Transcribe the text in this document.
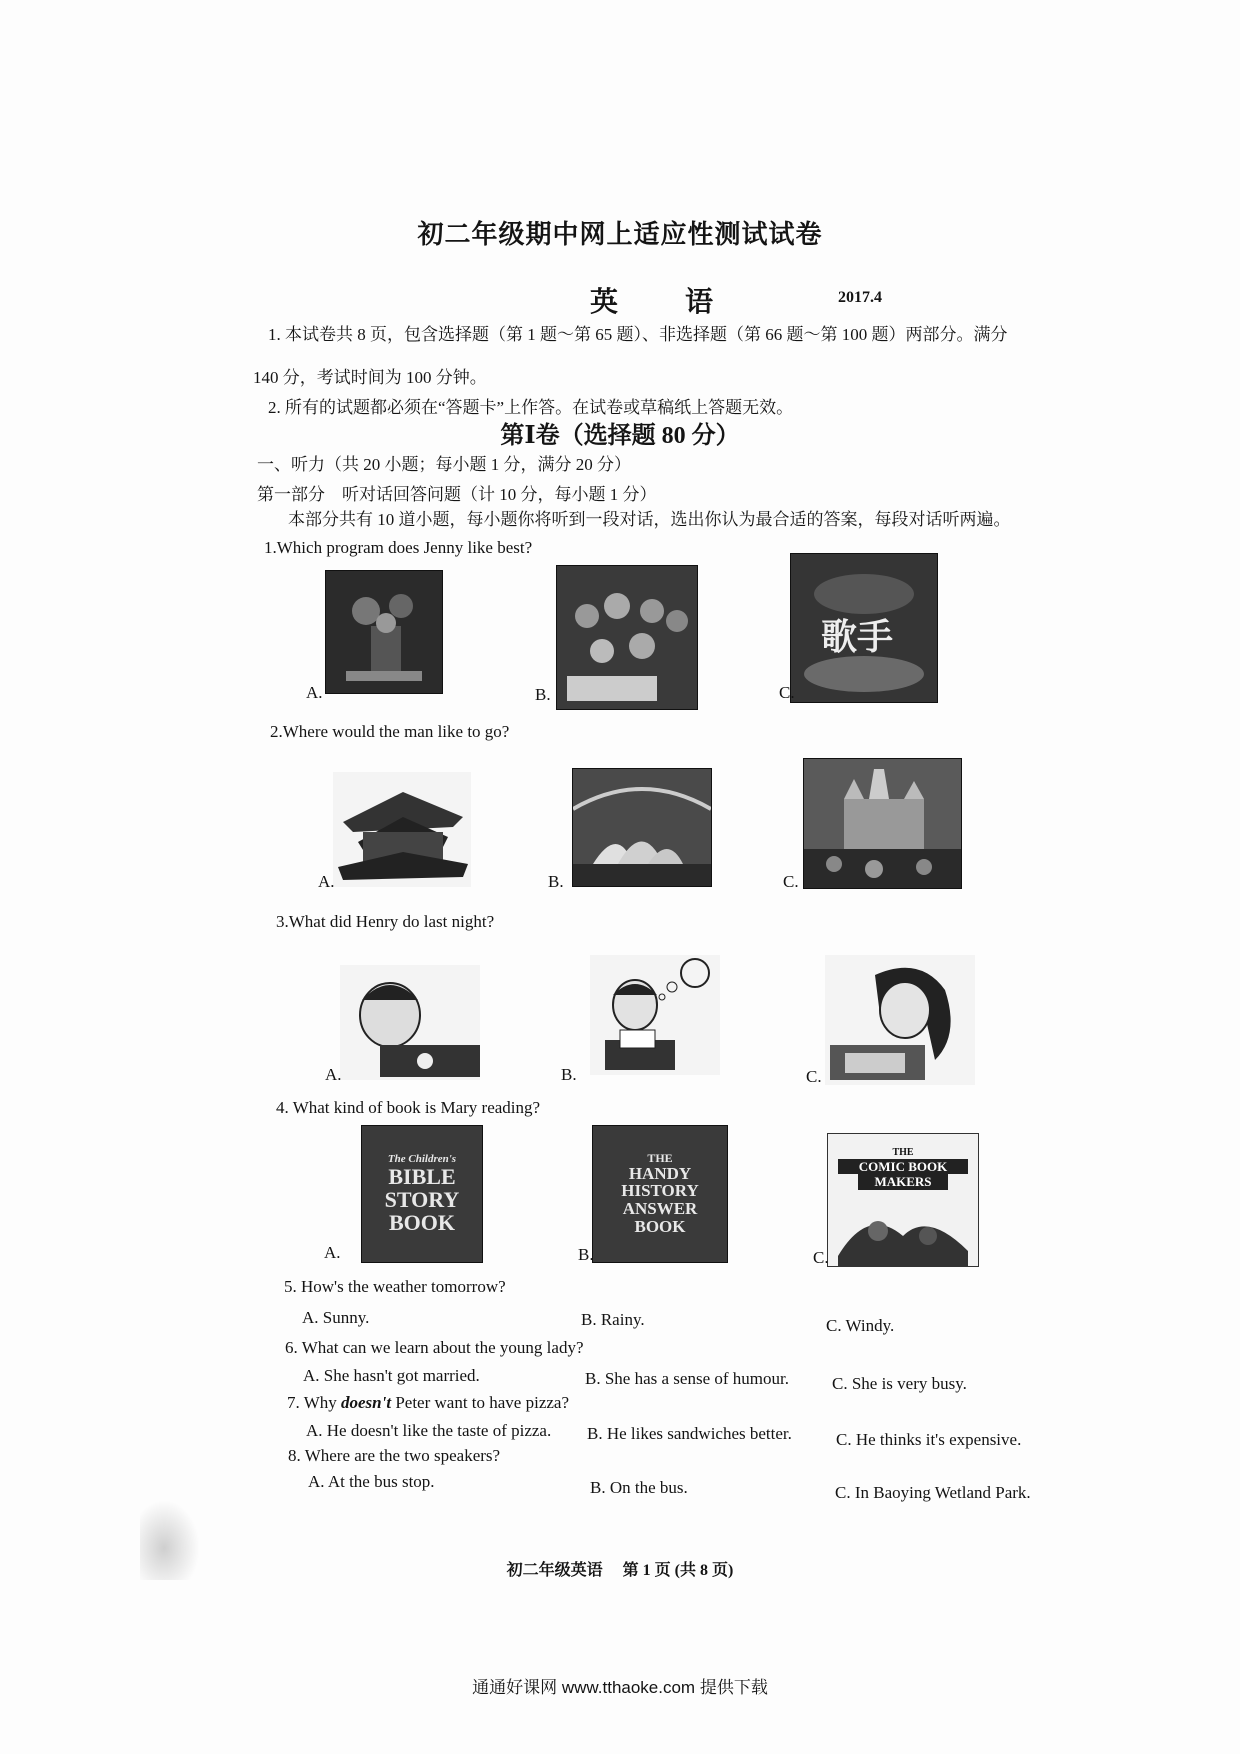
初二年级期中网上适应性测试试卷
英 语	2017.4
1. 本试卷共 8 页，包含选择题（第 1 题～第 65 题）、非选择题（第 66 题～第 100 题）两部分。满分
140 分，考试时间为 100 分钟。
2. 所有的试题都必须在“答题卡”上作答。在试卷或草稿纸上答题无效。
第Ⅰ卷（选择题 80 分）
一、听力（共 20 小题；每小题 1 分，满分 20 分）
第一部分　听对话回答问题（计 10 分，每小题 1 分）
本部分共有 10 道小题，每小题你将听到一段对话，选出你认为最合适的答案，每段对话听两遍。
1.Which program does Jenny like best?
A.	B.
歌手
C.
2.Where would the man like to go?
A.	B.	C.
3.What did Henry do last night?
A.	B.	C.
4. What kind of book is Mary reading?
The Children's
BIBLE
STORY
BOOK
A.
THE
HANDY
HISTORY
ANSWER
BOOK
B.
THE
COMIC BOOK
MAKERS
C.
5. How's the weather tomorrow?
A. Sunny.	B. Rainy.	C. Windy.
6. What can we learn about the young lady?
A. She hasn't got married.	B. She has a sense of humour.	C. She is very busy.
7. Why doesn't Peter want to have pizza?
A. He doesn't like the taste of pizza. B. He likes sandwiches better.	C. He thinks it's expensive.
8. Where are the two speakers?
A. At the bus stop.	B. On the bus.	C. In Baoying Wetland Park.
初二年级英语　 第 1 页 (共 8 页)
通通好课网 www.tthaoke.com 提供下载
